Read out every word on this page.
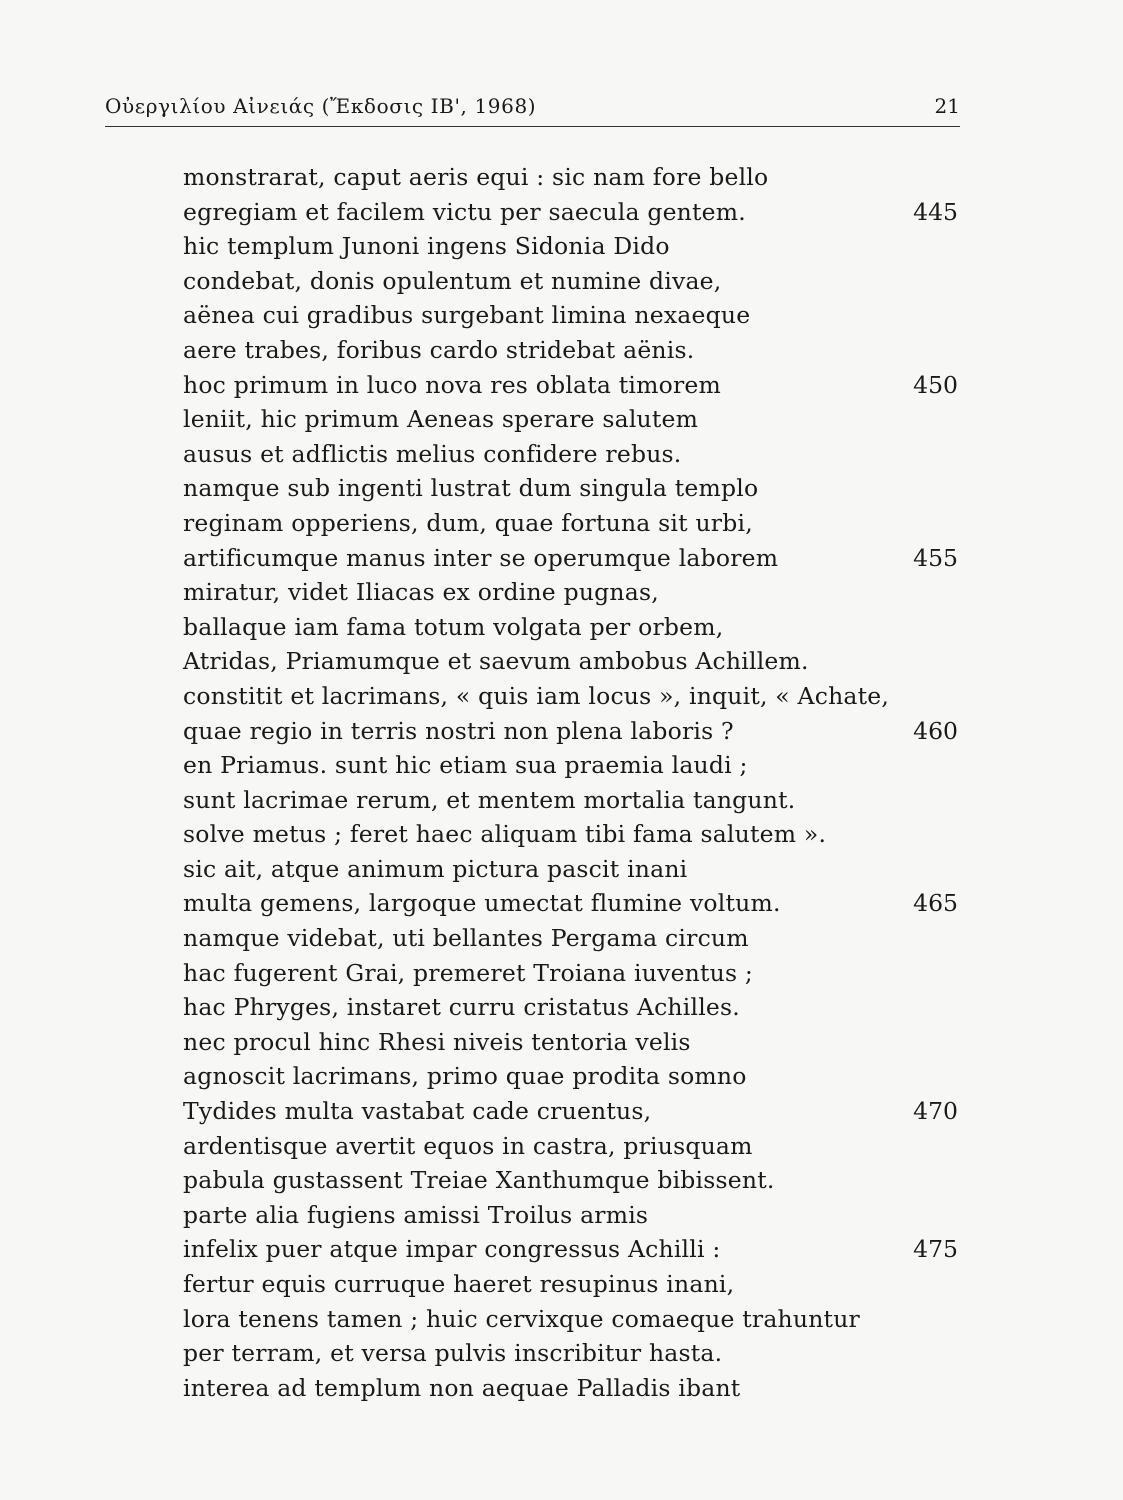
Οὐεργιλίου Αἰνειάς (Ἔκδοσις ΙΒ', 1968)	21
monstrarat, caput aeris equi : sic nam fore bello
egregiam et facilem victu per saecula gentem.	445
hic templum Junoni ingens Sidonia Dido
condebat, donis opulentum et numine divae,
aënea cui gradibus surgebant limina nexaeque
aere trabes, foribus cardo stridebat aënis.
hoc primum in luco nova res oblata timorem	450
leniit, hic primum Aeneas sperare salutem
ausus et adflictis melius confidere rebus.
namque sub ingenti lustrat dum singula templo
reginam opperiens, dum, quae fortuna sit urbi,
artificumque manus inter se operumque laborem	455
miratur, videt Iliacas ex ordine pugnas,
ballaque iam fama totum volgata per orbem,
Atridas, Priamumque et saevum ambobus Achillem.
constitit et lacrimans, « quis iam locus », inquit, « Achate,
quae regio in terris nostri non plena laboris ?	460
en Priamus. sunt hic etiam sua praemia laudi ;
sunt lacrimae rerum, et mentem mortalia tangunt.
solve metus ; feret haec aliquam tibi fama salutem ».
sic ait, atque animum pictura pascit inani
multa gemens, largoque umectat flumine voltum.	465
namque videbat, uti bellantes Pergama circum
hac fugerent Grai, premeret Troiana iuventus ;
hac Phryges, instaret curru cristatus Achilles.
nec procul hinc Rhesi niveis tentoria velis
agnoscit lacrimans, primo quae prodita somno
Tydides multa vastabat cade cruentus,	470
ardentisque avertit equos in castra, priusquam
pabula gustassent Treiae Xanthumque bibissent.
parte alia fugiens amissi Troilus armis
infelix puer atque impar congressus Achilli :	475
fertur equis curruque haeret resupinus inani,
lora tenens tamen ; huic cervixque comaeque trahuntur
per terram, et versa pulvis inscribitur hasta.
interea ad templum non aequae Palladis ibant
